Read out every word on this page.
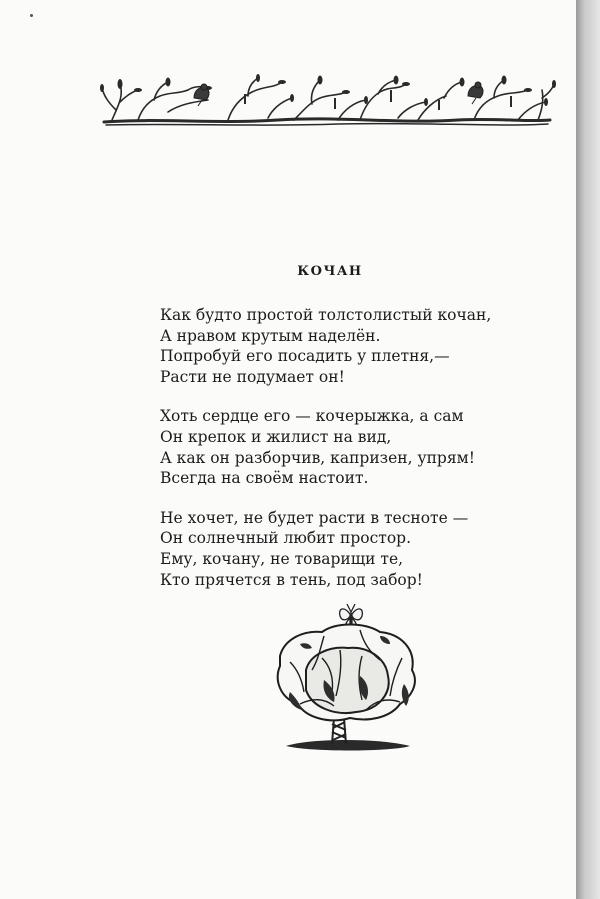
КОЧАН
Как будто простой толстолистый кочан,
А нравом крутым наделён.
Попробуй его посадить у плетня,—
Расти не подумает он!
Хоть сердце его — кочерыжка, а сам
Он крепок и жилист на вид,
А как он разборчив, капризен, упрям!
Всегда на своём настоит.
Не хочет, не будет расти в тесноте —
Он солнечный любит простор.
Ему, кочану, не товарищи те,
Кто прячется в тень, под забор!
